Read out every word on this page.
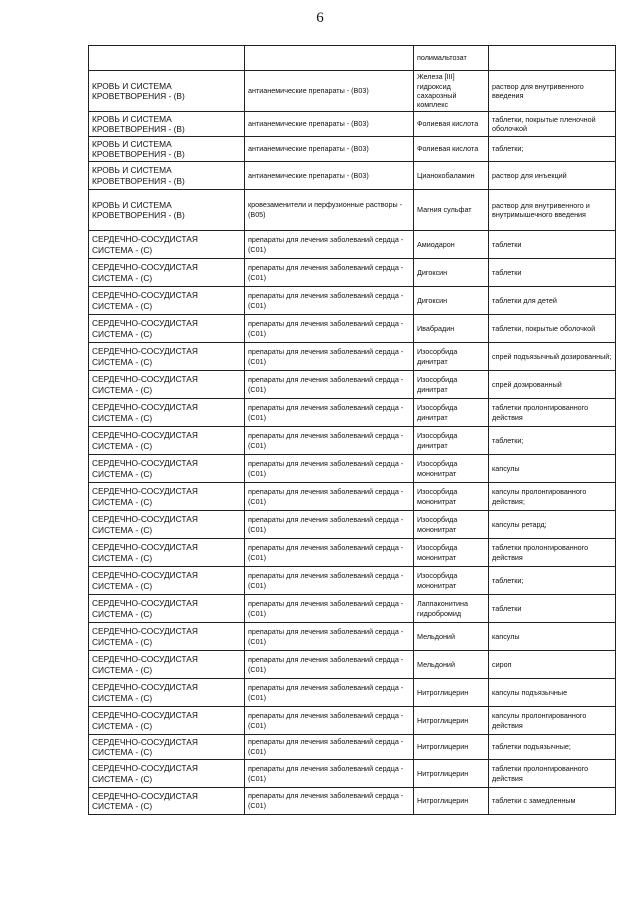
6
		полимальтозат	
КРОВЬ И СИСТЕМА КРОВЕТВОРЕНИЯ - (В)	антианемические препараты - (В03)	Железа [III] гидроксид сахарозный комплекс	раствор для внутривенного введения
КРОВЬ И СИСТЕМА КРОВЕТВОРЕНИЯ - (В)	антианемические препараты - (В03)	Фолиевая кислота	таблетки, покрытые пленочной оболочкой
КРОВЬ И СИСТЕМА КРОВЕТВОРЕНИЯ - (В)	антианемические препараты - (В03)	Фолиевая кислота	таблетки;
КРОВЬ И СИСТЕМА КРОВЕТВОРЕНИЯ - (В)	антианемические препараты - (В03)	Цианокобаламин	раствор для инъекций
КРОВЬ И СИСТЕМА КРОВЕТВОРЕНИЯ - (В)	кровезаменители и перфузионные растворы - (В05)	Магния сульфат	раствор для внутривенного и внутримышечного введения
СЕРДЕЧНО-СОСУДИСТАЯ СИСТЕМА - (С)	препараты для лечения заболеваний сердца - (С01)	Амиодарон	таблетки
СЕРДЕЧНО-СОСУДИСТАЯ СИСТЕМА - (С)	препараты для лечения заболеваний сердца - (С01)	Дигоксин	таблетки
СЕРДЕЧНО-СОСУДИСТАЯ СИСТЕМА - (С)	препараты для лечения заболеваний сердца - (С01)	Дигоксин	таблетки для детей
СЕРДЕЧНО-СОСУДИСТАЯ СИСТЕМА - (С)	препараты для лечения заболеваний сердца - (С01)	Ивабрадин	таблетки, покрытые оболочкой
СЕРДЕЧНО-СОСУДИСТАЯ СИСТЕМА - (С)	препараты для лечения заболеваний сердца - (С01)	Изосорбида динитрат	спрей подъязычный дозированный;
СЕРДЕЧНО-СОСУДИСТАЯ СИСТЕМА - (С)	препараты для лечения заболеваний сердца - (С01)	Изосорбида динитрат	спрей дозированный
СЕРДЕЧНО-СОСУДИСТАЯ СИСТЕМА - (С)	препараты для лечения заболеваний сердца - (С01)	Изосорбида динитрат	таблетки пролонгированного действия
СЕРДЕЧНО-СОСУДИСТАЯ СИСТЕМА - (С)	препараты для лечения заболеваний сердца - (С01)	Изосорбида динитрат	таблетки;
СЕРДЕЧНО-СОСУДИСТАЯ СИСТЕМА - (С)	препараты для лечения заболеваний сердца - (С01)	Изосорбида мононитрат	капсулы
СЕРДЕЧНО-СОСУДИСТАЯ СИСТЕМА - (С)	препараты для лечения заболеваний сердца - (С01)	Изосорбида мононитрат	капсулы пролонгированного действия;
СЕРДЕЧНО-СОСУДИСТАЯ СИСТЕМА - (С)	препараты для лечения заболеваний сердца - (С01)	Изосорбида мононитрат	капсулы ретард;
СЕРДЕЧНО-СОСУДИСТАЯ СИСТЕМА - (С)	препараты для лечения заболеваний сердца - (С01)	Изосорбида мононитрат	таблетки пролонгированного действия
СЕРДЕЧНО-СОСУДИСТАЯ СИСТЕМА - (С)	препараты для лечения заболеваний сердца - (С01)	Изосорбида мононитрат	таблетки;
СЕРДЕЧНО-СОСУДИСТАЯ СИСТЕМА - (С)	препараты для лечения заболеваний сердца - (С01)	Лаппаконитина гидробромид	таблетки
СЕРДЕЧНО-СОСУДИСТАЯ СИСТЕМА - (С)	препараты для лечения заболеваний сердца - (С01)	Мельдоний	капсулы
СЕРДЕЧНО-СОСУДИСТАЯ СИСТЕМА - (С)	препараты для лечения заболеваний сердца - (С01)	Мельдоний	сироп
СЕРДЕЧНО-СОСУДИСТАЯ СИСТЕМА - (С)	препараты для лечения заболеваний сердца - (С01)	Нитроглицерин	капсулы подъязычные
СЕРДЕЧНО-СОСУДИСТАЯ СИСТЕМА - (С)	препараты для лечения заболеваний сердца - (С01)	Нитроглицерин	капсулы пролонгированного действия
СЕРДЕЧНО-СОСУДИСТАЯ СИСТЕМА - (С)	препараты для лечения заболеваний сердца - (С01)	Нитроглицерин	таблетки подъязычные;
СЕРДЕЧНО-СОСУДИСТАЯ СИСТЕМА - (С)	препараты для лечения заболеваний сердца - (С01)	Нитроглицерин	таблетки пролонгированного действия
СЕРДЕЧНО-СОСУДИСТАЯ СИСТЕМА - (С)	препараты для лечения заболеваний сердца - (С01)	Нитроглицерин	таблетки с замедленным
